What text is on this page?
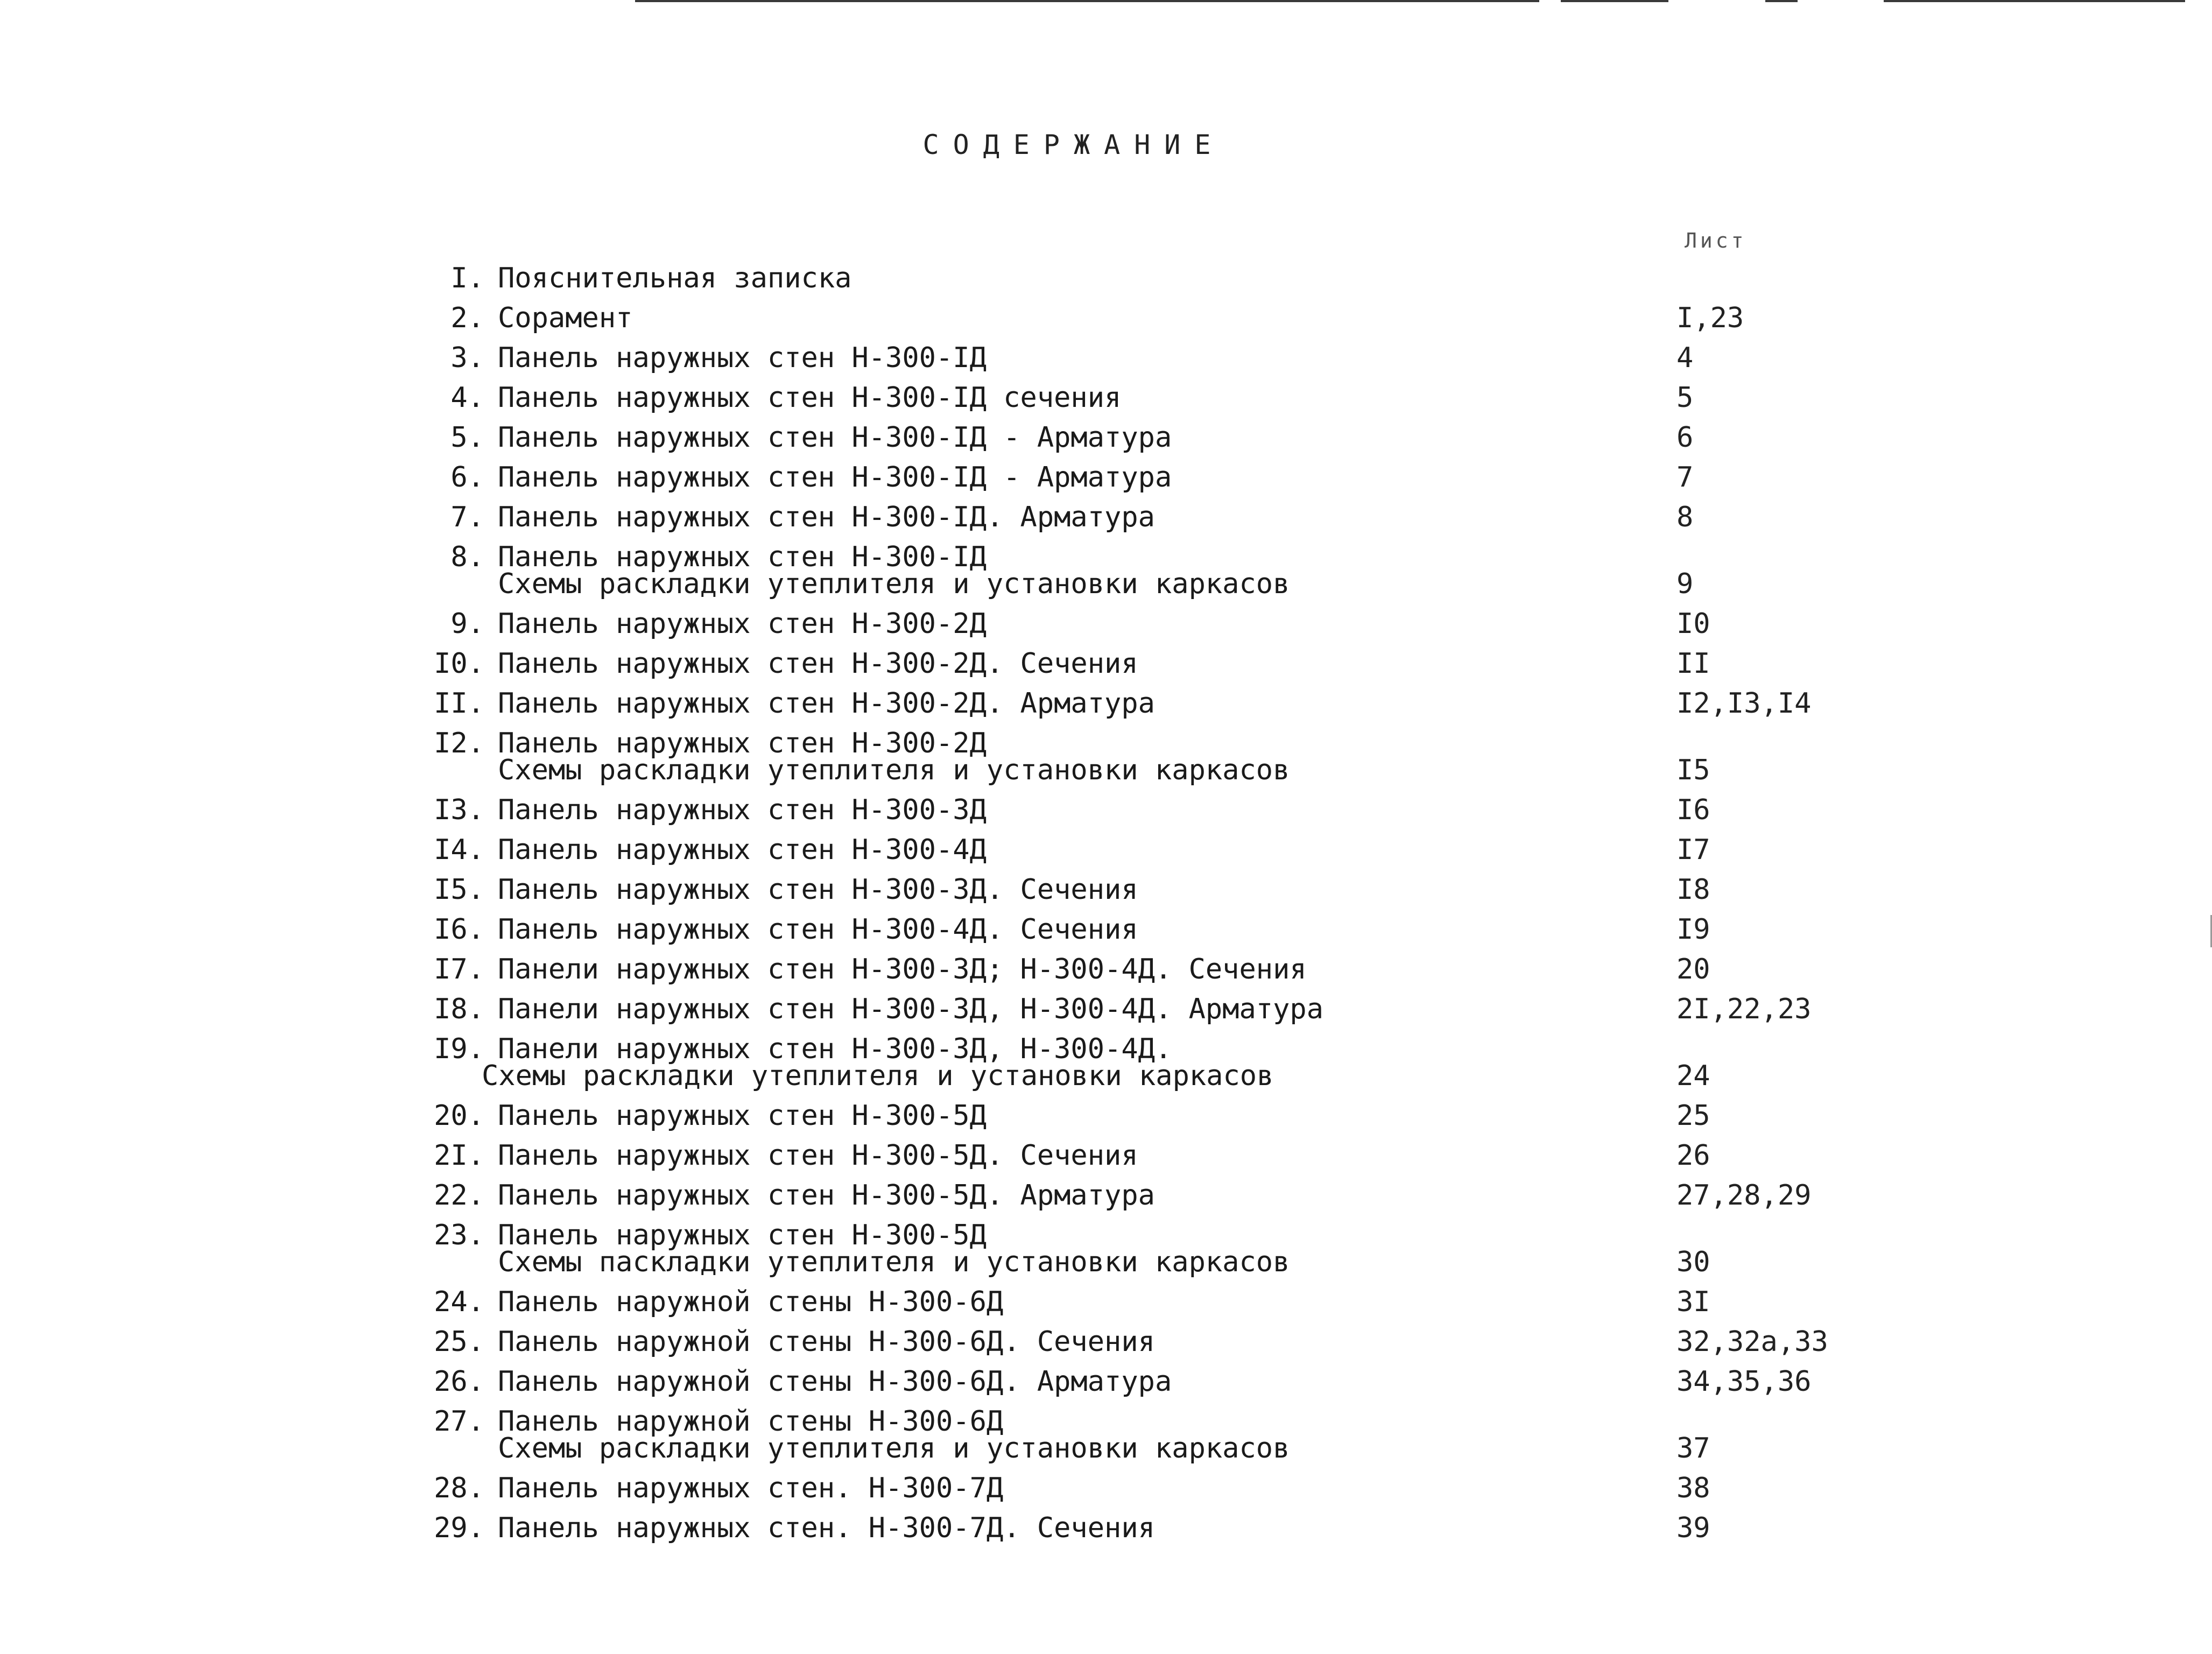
СОДЕРЖАНИЕ
Лист
I. Пояснительная записка
2. Сорамент	I,23
3. Панель наружных стен Н-300-IД	4
4. Панель наружных стен Н-300-IД сечения	5
5. Панель наружных стен Н-300-IД - Арматура	6
6. Панель наружных стен Н-300-IД - Арматура	7
7. Панель наружных стен Н-300-IД. Арматура	8
8. Панель наружных стен Н-300-IД
Схемы раскладки утеплителя и установки каркасов	9
9. Панель наружных стен Н-300-2Д	I0
I0. Панель наружных стен Н-300-2Д. Сечения	II
II. Панель наружных стен Н-300-2Д. Арматура	I2,I3,I4
I2. Панель наружных стен Н-300-2Д
Схемы раскладки утеплителя и установки каркасов	I5
I3. Панель наружных стен Н-300-3Д	I6
I4. Панель наружных стен Н-300-4Д	I7
I5. Панель наружных стен Н-300-3Д. Сечения	I8
I6. Панель наружных стен Н-300-4Д. Сечения	I9
I7. Панели наружных стен Н-300-3Д; Н-300-4Д. Сечения	20
I8. Панели наружных стен Н-300-3Д, Н-300-4Д. Арматура	2I,22,23
I9. Панели наружных стен Н-300-3Д, Н-300-4Д.
Схемы раскладки утеплителя и установки каркасов	24
20. Панель наружных стен Н-300-5Д	25
2I. Панель наружных стен Н-300-5Д. Сечения	26
22. Панель наружных стен Н-300-5Д. Арматура	27,28,29
23. Панель наружных стен Н-300-5Д
Схемы паскладки утеплителя и установки каркасов	30
24. Панель наружной стены Н-300-6Д	3I
25. Панель наружной стены Н-300-6Д. Сечения	32,32а,33
26. Панель наружной стены Н-300-6Д. Арматура	34,35,36
27. Панель наружной стены Н-300-6Д
Схемы раскладки утеплителя и установки каркасов	37
28. Панель наружных стен. Н-300-7Д	38
29. Панель наружных стен. Н-300-7Д. Сечения	39
